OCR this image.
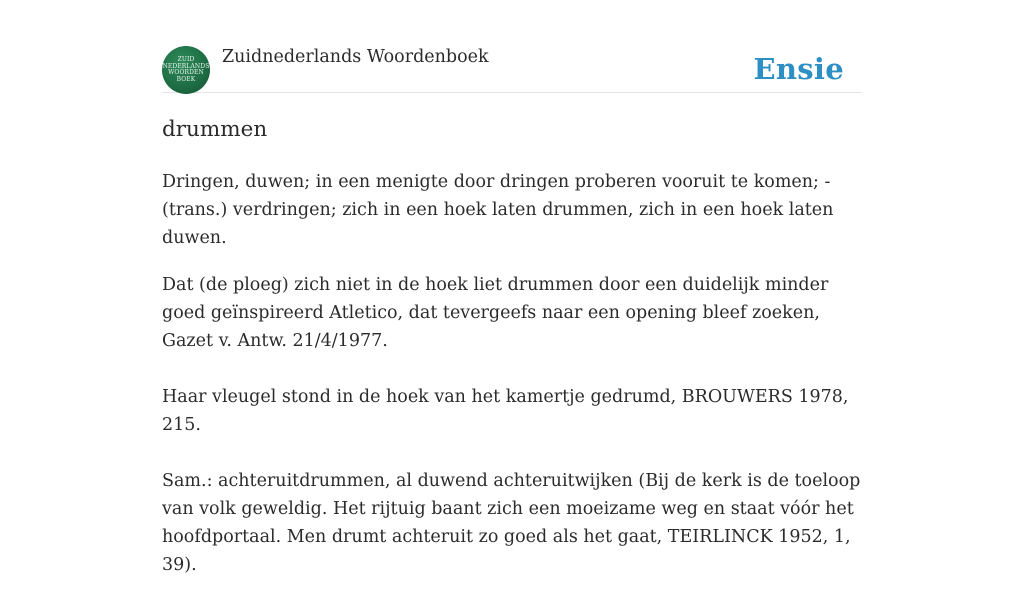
ZUID
NEDERLANDS
WOORDEN
BOEK
Zuidnederlands Woordenboek	Ensie
drummen

Dringen, duwen; in een menigte door dringen proberen vooruit te komen; -(trans.) verdringen; zich in een hoek laten drummen, zich in een hoek laten duwen.

Dat (de ploeg) zich niet in de hoek liet drummen door een duidelijk minder goed geïnspireerd Atletico, dat tevergeefs naar een opening bleef zoeken, Gazet v. Antw. 21/4/1977.

Haar vleugel stond in de hoek van het kamertje gedrumd, BROUWERS 1978, 215.

Sam.: achteruitdrummen, al duwend achteruitwijken (Bij de kerk is de toeloop van volk geweldig. Het rijtuig baant zich een moeizame weg en staat vóór het hoofdportaal. Men drumt achteruit zo goed als het gaat, TEIRLINCK 1952, 1, 39).
